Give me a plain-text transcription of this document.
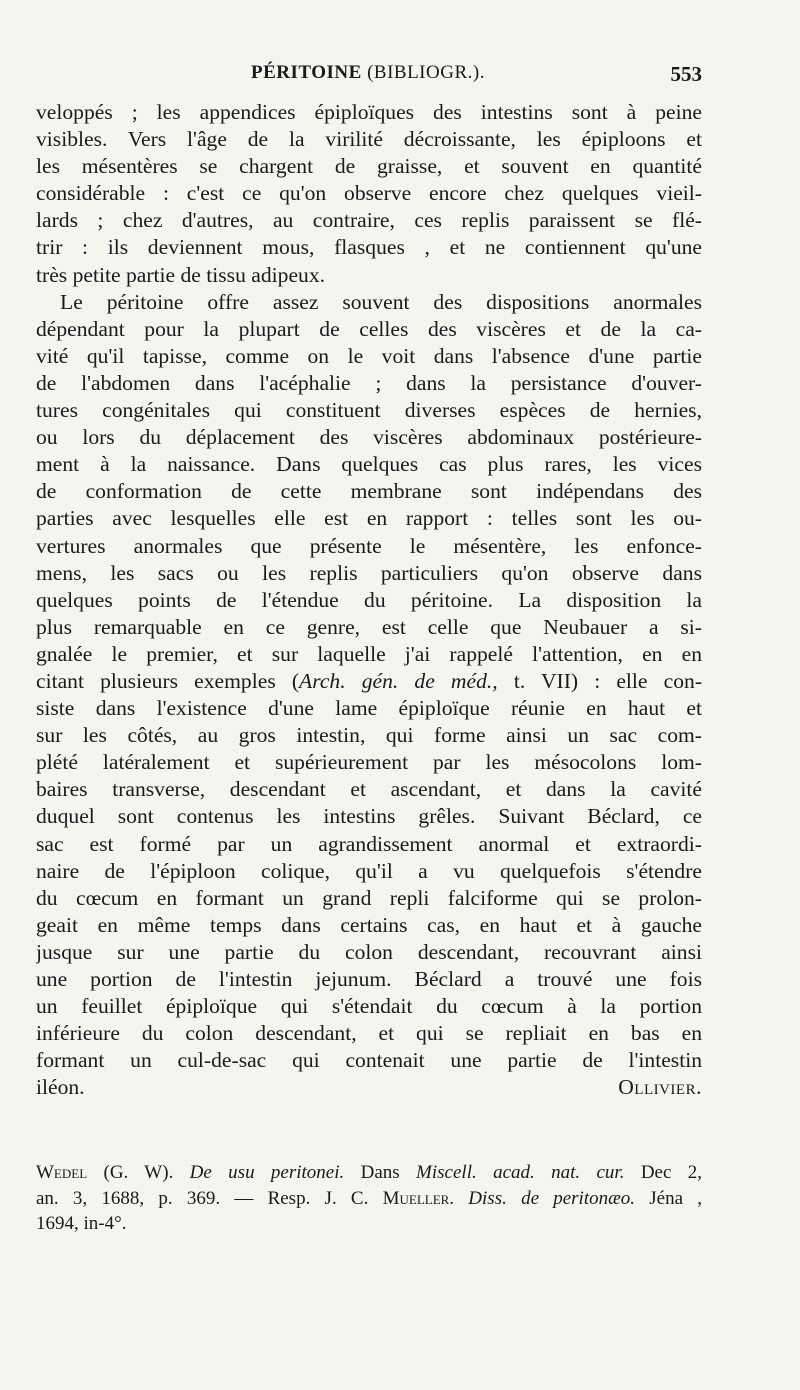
PÉRITOINE (BIBLIOGR.).	553
veloppés ; les appendices épiploïques des intestins sont à peine
visibles. Vers l'âge de la virilité décroissante, les épiploons et
les mésentères se chargent de graisse, et souvent en quantité
considérable : c'est ce qu'on observe encore chez quelques vieil-
lards ; chez d'autres, au contraire, ces replis paraissent se flé-
trir : ils deviennent mous, flasques , et ne contiennent qu'une
très petite partie de tissu adipeux.
Le péritoine offre assez souvent des dispositions anormales
dépendant pour la plupart de celles des viscères et de la ca-
vité qu'il tapisse, comme on le voit dans l'absence d'une partie
de l'abdomen dans l'acéphalie ; dans la persistance d'ouver-
tures congénitales qui constituent diverses espèces de hernies,
ou lors du déplacement des viscères abdominaux postérieure-
ment à la naissance. Dans quelques cas plus rares, les vices
de conformation de cette membrane sont indépendans des
parties avec lesquelles elle est en rapport : telles sont les ou-
vertures anormales que présente le mésentère, les enfonce-
mens, les sacs ou les replis particuliers qu'on observe dans
quelques points de l'étendue du péritoine. La disposition la
plus remarquable en ce genre, est celle que Neubauer a si-
gnalée le premier, et sur laquelle j'ai rappelé l'attention, en en
citant plusieurs exemples (Arch. gén. de méd., t. VII) : elle con-
siste dans l'existence d'une lame épiploïque réunie en haut et
sur les côtés, au gros intestin, qui forme ainsi un sac com-
plété latéralement et supérieurement par les mésocolons lom-
baires transverse, descendant et ascendant, et dans la cavité
duquel sont contenus les intestins grêles. Suivant Béclard, ce
sac est formé par un agrandissement anormal et extraordi-
naire de l'épiploon colique, qu'il a vu quelquefois s'étendre
du cœcum en formant un grand repli falciforme qui se prolon-
geait en même temps dans certains cas, en haut et à gauche
jusque sur une partie du colon descendant, recouvrant ainsi
une portion de l'intestin jejunum. Béclard a trouvé une fois
un feuillet épiploïque qui s'étendait du cœcum à la portion
inférieure du colon descendant, et qui se repliait en bas en
formant un cul-de-sac qui contenait une partie de l'intestin
iléon.	Ollivier.
Wedel (G. W). De usu peritonei. Dans Miscell. acad. nat. cur. Dec 2,
an. 3, 1688, p. 369. — Resp. J. C. Mueller. Diss. de peritonæo. Jéna ,
1694, in-4°.
